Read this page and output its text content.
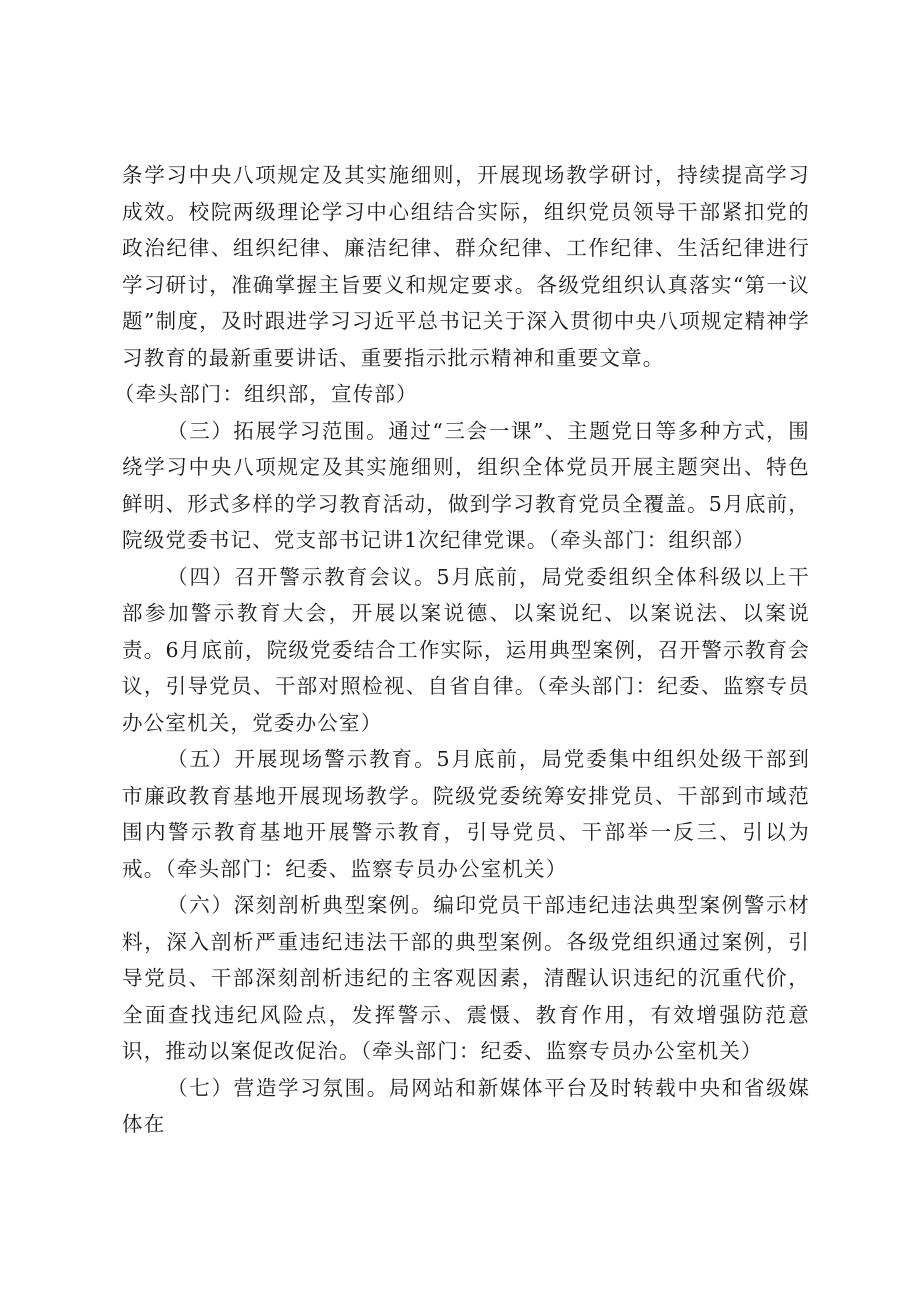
条学习中央八项规定及其实施细则，开展现场教学研讨，持续提高学习成效。校院两级理论学习中心组结合实际，组织党员领导干部紧扣党的政治纪律、组织纪律、廉洁纪律、群众纪律、工作纪律、生活纪律进行学习研讨，准确掌握主旨要义和规定要求。各级党组织认真落实“第一议题”制度，及时跟进学习习近平总书记关于深入贯彻中央八项规定精神学习教育的最新重要讲话、重要指示批示精神和重要文章。

（牵头部门：组织部，宣传部）

（三）拓展学习范围。通过“三会一课”、主题党日等多种方式，围绕学习中央八项规定及其实施细则，组织全体党员开展主题突出、特色鲜明、形式多样的学习教育活动，做到学习教育党员全覆盖。5月底前，院级党委书记、党支部书记讲1次纪律党课。（牵头部门：组织部）

（四）召开警示教育会议。5月底前，局党委组织全体科级以上干部参加警示教育大会，开展以案说德、以案说纪、以案说法、以案说责。6月底前，院级党委结合工作实际，运用典型案例，召开警示教育会议，引导党员、干部对照检视、自省自律。（牵头部门：纪委、监察专员办公室机关，党委办公室）

（五）开展现场警示教育。5月底前，局党委集中组织处级干部到市廉政教育基地开展现场教学。院级党委统筹安排党员、干部到市域范围内警示教育基地开展警示教育，引导党员、干部举一反三、引以为戒。（牵头部门：纪委、监察专员办公室机关）

（六）深刻剖析典型案例。编印党员干部违纪违法典型案例警示材料，深入剖析严重违纪违法干部的典型案例。各级党组织通过案例，引导党员、干部深刻剖析违纪的主客观因素，清醒认识违纪的沉重代价，全面查找违纪风险点，发挥警示、震慑、教育作用，有效增强防范意识，推动以案促改促治。（牵头部门：纪委、监察专员办公室机关）

（七）营造学习氛围。局网站和新媒体平台及时转载中央和省级媒体在
